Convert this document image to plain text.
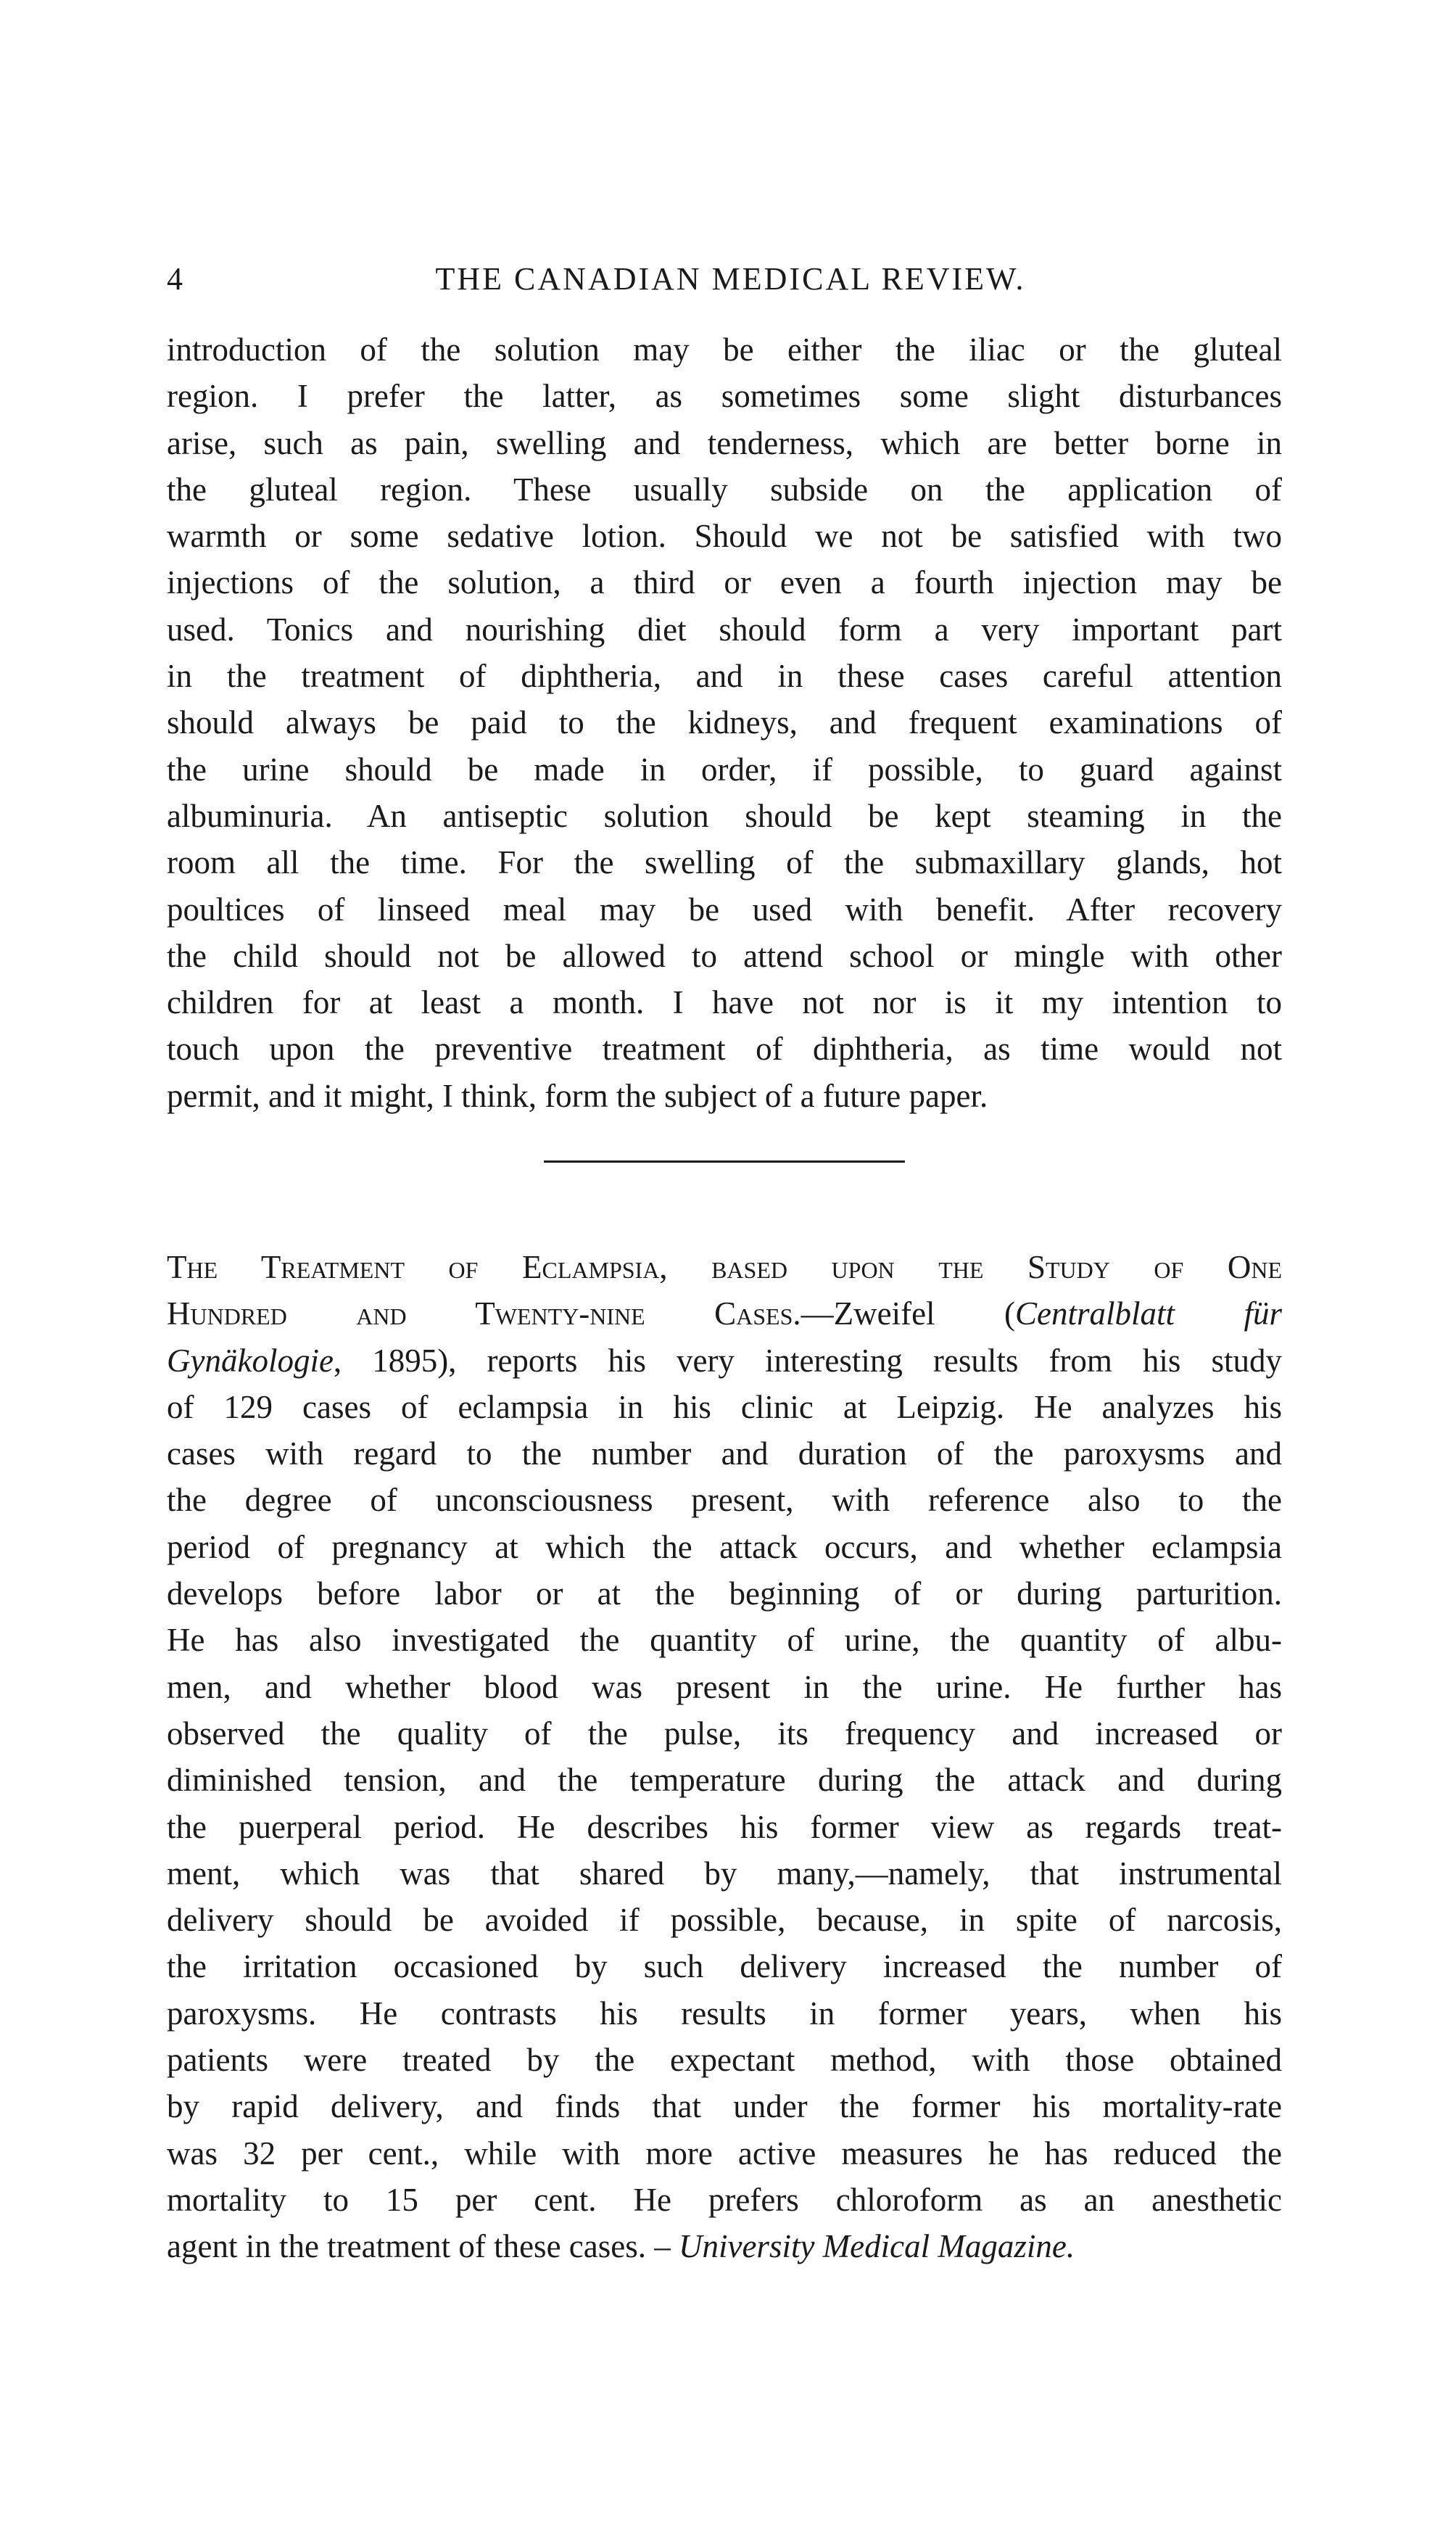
4	THE CANADIAN MEDICAL REVIEW.
introduction of the solution may be either the iliac or the gluteal
region. I prefer the latter, as sometimes some slight disturbances
arise, such as pain, swelling and tenderness, which are better borne in
the gluteal region. These usually subside on the application of
warmth or some sedative lotion. Should we not be satisfied with two
injections of the solution, a third or even a fourth injection may be
used. Tonics and nourishing diet should form a very important part
in the treatment of diphtheria, and in these cases careful attention
should always be paid to the kidneys, and frequent examinations of
the urine should be made in order, if possible, to guard against
albuminuria. An antiseptic solution should be kept steaming in the
room all the time. For the swelling of the submaxillary glands, hot
poultices of linseed meal may be used with benefit. After recovery
the child should not be allowed to attend school or mingle with other
children for at least a month. I have not nor is it my intention to
touch upon the preventive treatment of diphtheria, as time would not
permit, and it might, I think, form the subject of a future paper.
The Treatment of Eclampsia, based upon the Study of One
Hundred and Twenty-nine Cases.—Zweifel (Centralblatt für
Gynäkologie, 1895), reports his very interesting results from his study
of 129 cases of eclampsia in his clinic at Leipzig. He analyzes his
cases with regard to the number and duration of the paroxysms and
the degree of unconsciousness present, with reference also to the
period of pregnancy at which the attack occurs, and whether eclampsia
develops before labor or at the beginning of or during parturition.
He has also investigated the quantity of urine, the quantity of albu-
men, and whether blood was present in the urine. He further has
observed the quality of the pulse, its frequency and increased or
diminished tension, and the temperature during the attack and during
the puerperal period. He describes his former view as regards treat-
ment, which was that shared by many,—namely, that instrumental
delivery should be avoided if possible, because, in spite of narcosis,
the irritation occasioned by such delivery increased the number of
paroxysms. He contrasts his results in former years, when his
patients were treated by the expectant method, with those obtained
by rapid delivery, and finds that under the former his mortality-rate
was 32 per cent., while with more active measures he has reduced the
mortality to 15 per cent. He prefers chloroform as an anesthetic
agent in the treatment of these cases. – University Medical Magazine.
